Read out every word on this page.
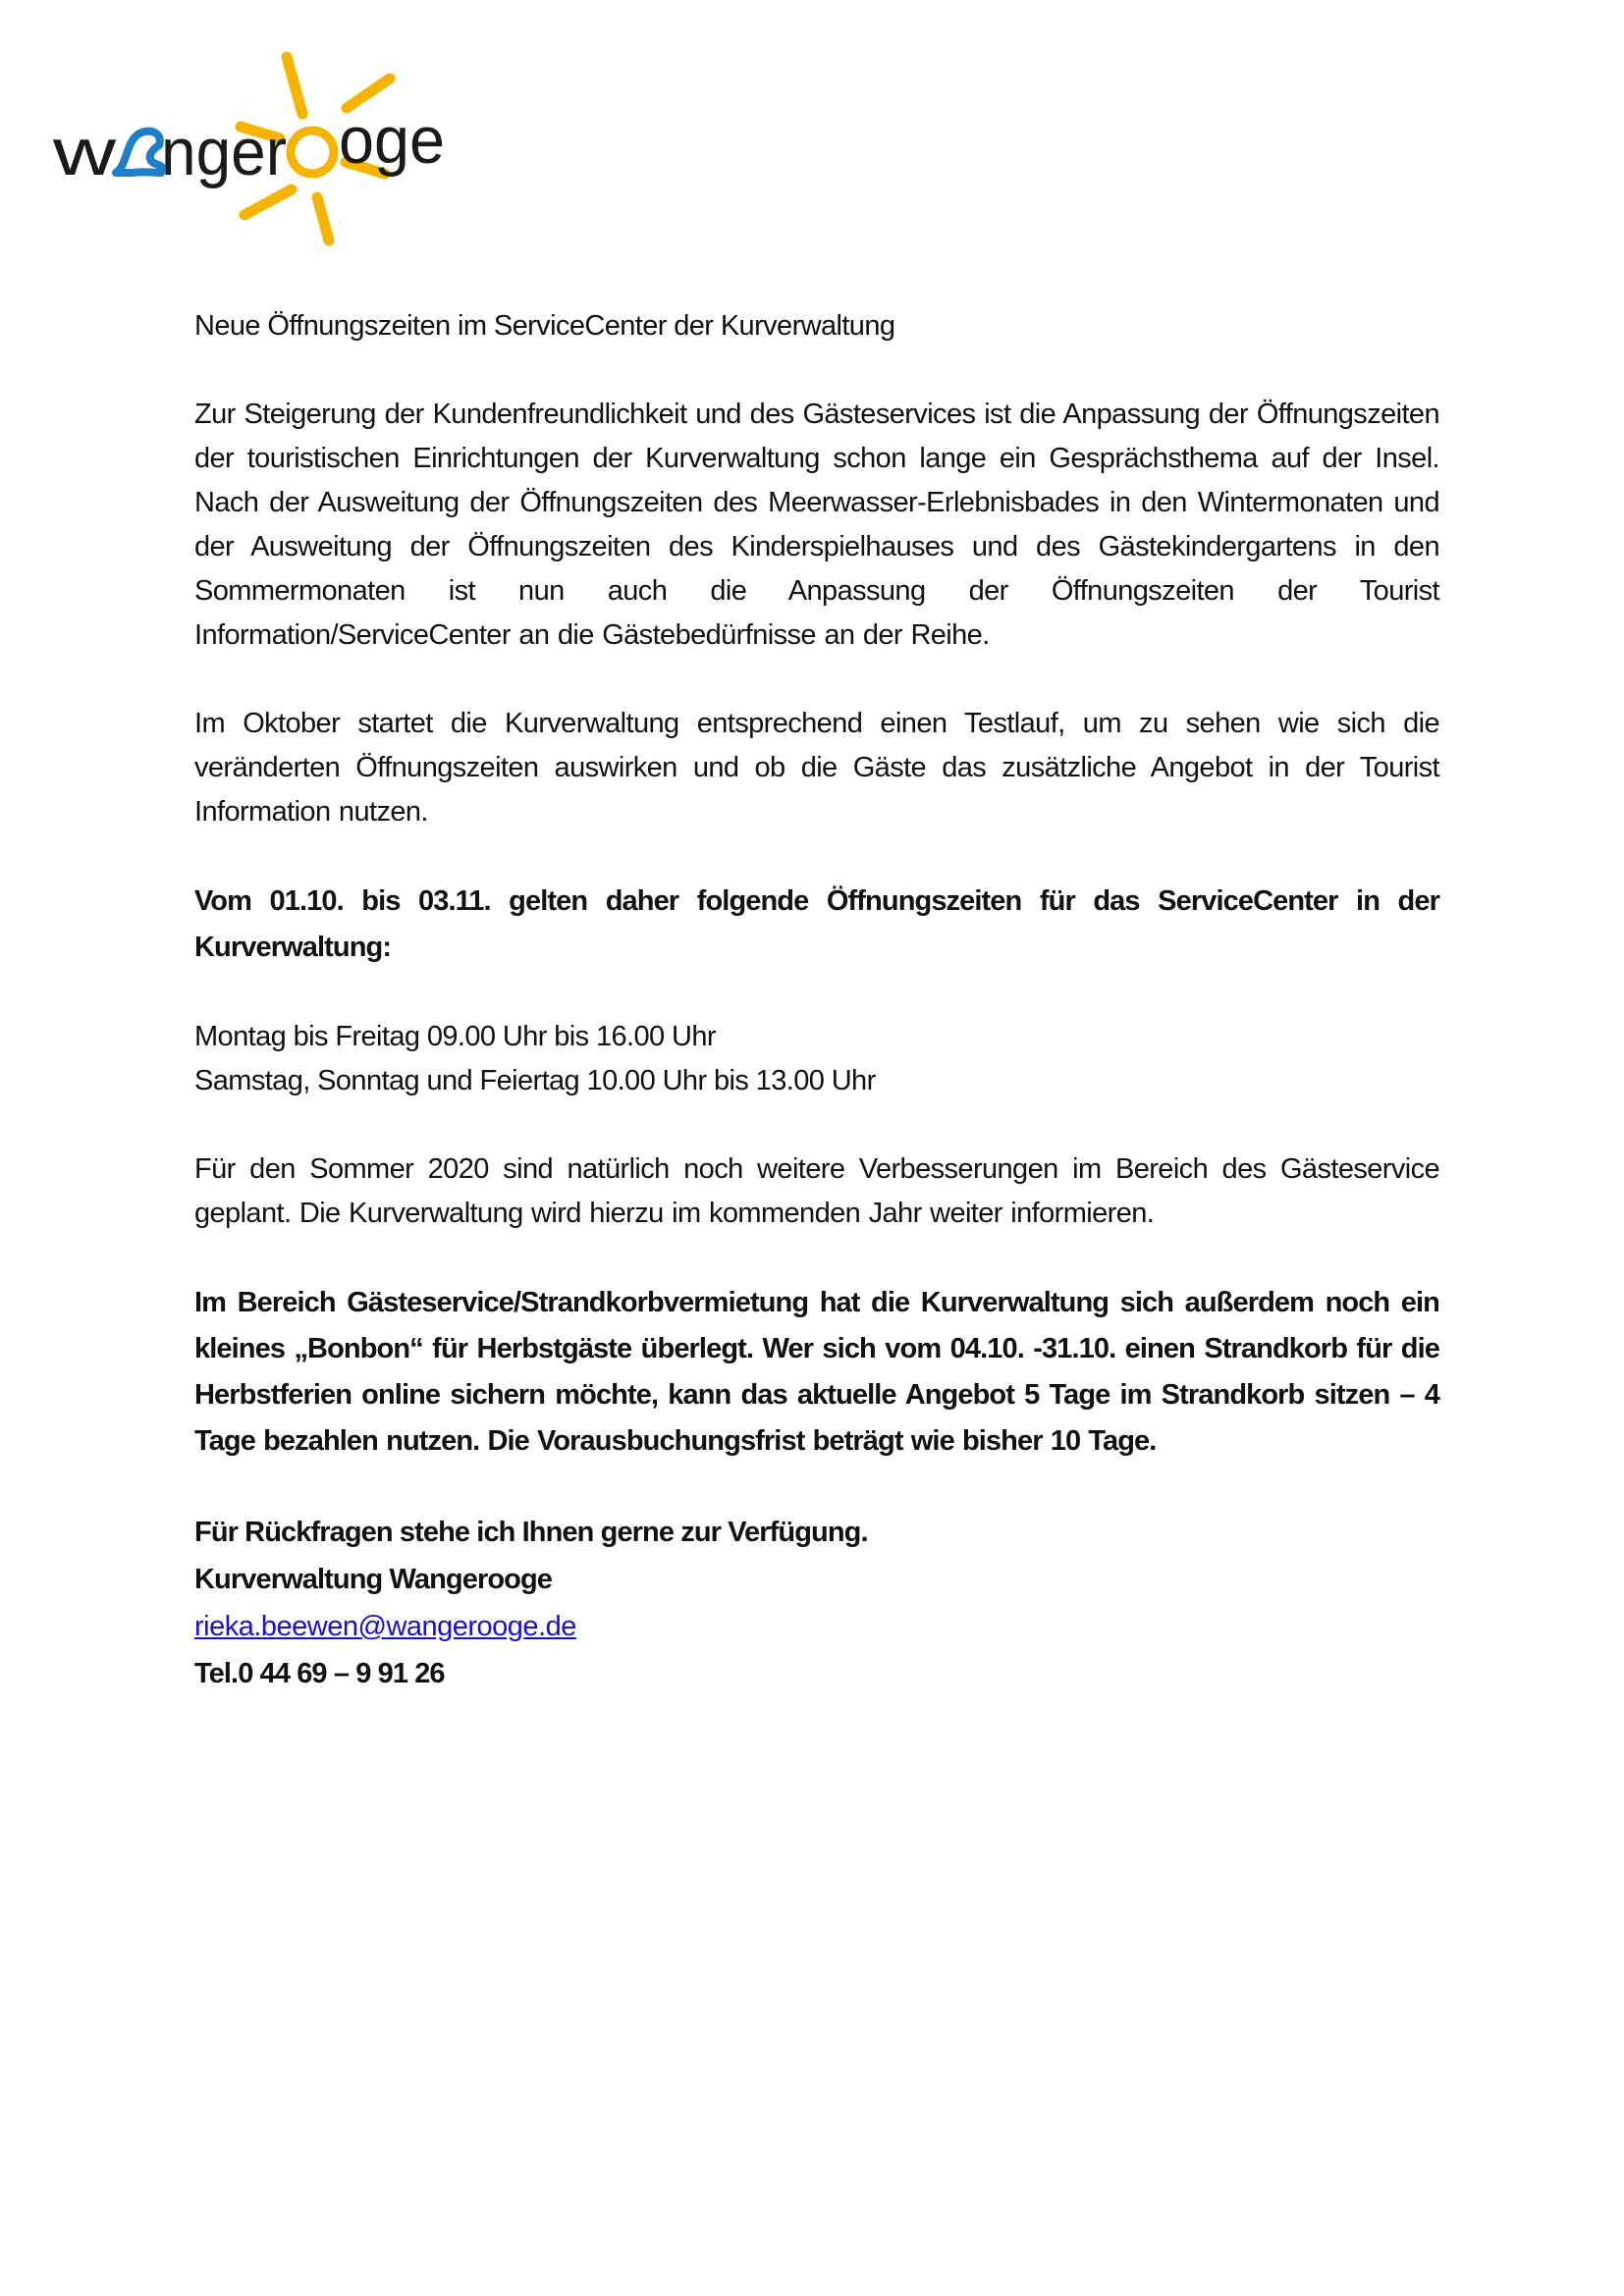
w nger oge
Neue Öffnungszeiten im ServiceCenter der Kurverwaltung

Zur Steigerung der Kundenfreundlichkeit und des Gästeservices ist die Anpassung der Öffnungszeiten der touristischen Einrichtungen der Kurverwaltung schon lange ein Gesprächsthema auf der Insel. Nach der Ausweitung der Öffnungszeiten des Meerwasser-Erlebnisbades in den Wintermonaten und der Ausweitung der Öffnungszeiten des Kinderspielhauses und des Gästekindergartens in den Sommermonaten ist nun auch die Anpassung der Öffnungszeiten der Tourist Information/ServiceCenter an die Gästebedürfnisse an der Reihe.

Im Oktober startet die Kurverwaltung entsprechend einen Testlauf, um zu sehen wie sich die veränderten Öffnungszeiten auswirken und ob die Gäste das zusätzliche Angebot in der Tourist Information nutzen.

Vom 01.10. bis 03.11. gelten daher folgende Öffnungszeiten für das ServiceCenter in der Kurverwaltung:

Montag bis Freitag 09.00 Uhr bis 16.00 Uhr
Samstag, Sonntag und Feiertag 10.00 Uhr bis 13.00 Uhr

Für den Sommer 2020 sind natürlich noch weitere Verbesserungen im Bereich des Gästeservice geplant. Die Kurverwaltung wird hierzu im kommenden Jahr weiter informieren.

Im Bereich Gästeservice/Strandkorbvermietung hat die Kurverwaltung sich außerdem noch ein kleines „Bonbon“ für Herbstgäste überlegt. Wer sich vom 04.10. -31.10. einen Strandkorb für die Herbstferien online sichern möchte, kann das aktuelle Angebot 5 Tage im Strandkorb sitzen – 4 Tage bezahlen nutzen. Die Vorausbuchungsfrist beträgt wie bisher 10 Tage.

Für Rückfragen stehe ich Ihnen gerne zur Verfügung.
Kurverwaltung Wangerooge
rieka.beewen@wangerooge.de
Tel.0 44 69 – 9 91 26
